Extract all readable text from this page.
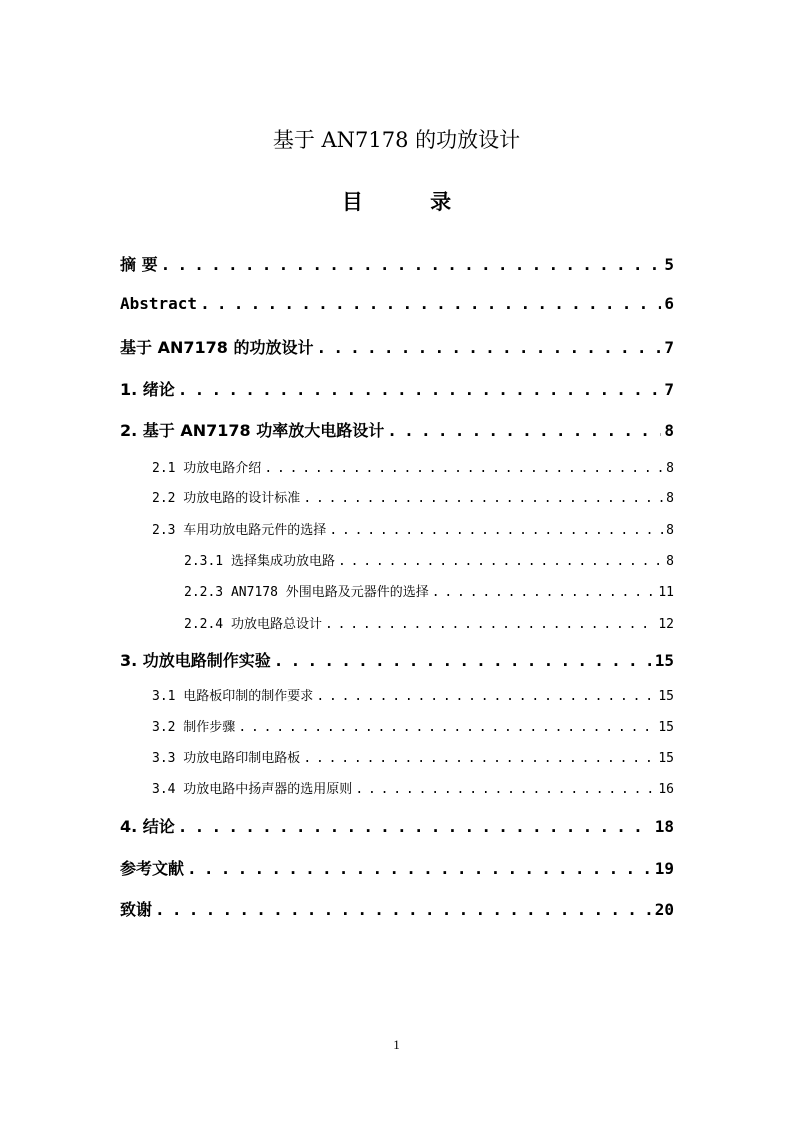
基于 AN7178 的功放设计
目 录
摘 要 . . .	5
Abstract . . .	6
基于 AN7178 的功放设计 . . .	7
1. 绪论 . . .	7
2. 基于 AN7178 功率放大电路设计 . . .	8
2.1 功放电路介绍 . . .	8
2.2 功放电路的设计标准 . . .	8
2.3 车用功放电路元件的选择 . . .	8
2.3.1 选择集成功放电路 . . .	8
2.2.3 AN7178 外围电路及元器件的选择 . . .	11
2.2.4 功放电路总设计 . . .	12
3. 功放电路制作实验 . . .	15
3.1 电路板印制的制作要求 . . .	15
3.2 制作步骤 . . .	15
3.3 功放电路印制电路板 . . .	15
3.4 功放电路中扬声器的选用原则 . . .	16
4. 结论 . . .	18
参考文献 . . .	19
致谢 . . .	20
1
